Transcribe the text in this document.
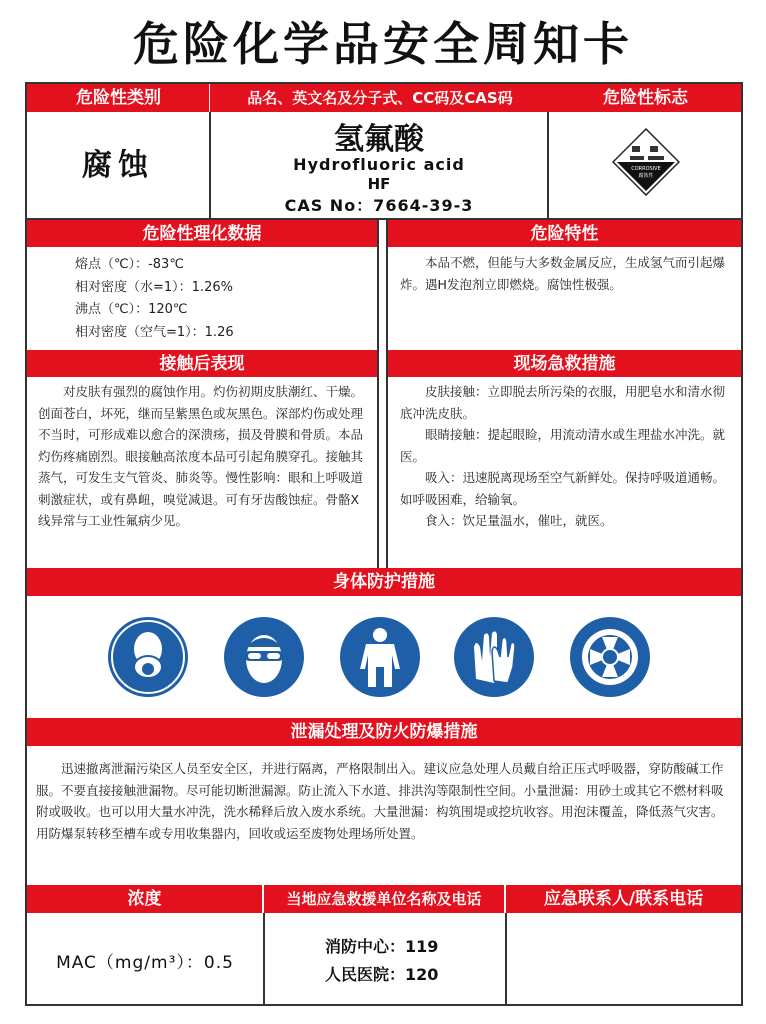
危险化学品安全周知卡
危险性类别	品名、英文名及分子式、CC码及CAS码	危险性标志
腐蚀
氢氟酸
Hydrofluoric acid
HF
CAS No：7664-39-3
CORROSIVE
腐蚀性
危险性理化数据	危险特性
熔点（℃）：-83℃
相对密度（水=1）：1.26%
沸点（℃）：120℃
相对密度（空气=1）：1.26
本品不燃，但能与大多数金属反应，生成氢气而引起爆炸。遇H发泡剂立即燃烧。腐蚀性极强。
接触后表现	现场急救措施
对皮肤有强烈的腐蚀作用。灼伤初期皮肤潮红、干燥。创面苍白，坏死，继而呈紫黑色或灰黑色。深部灼伤或处理不当时，可形成难以愈合的深溃疡，损及骨膜和骨质。本品灼伤疼痛剧烈。眼接触高浓度本品可引起角膜穿孔。接触其蒸气，可发生支气管炎、肺炎等。慢性影响：眼和上呼吸道刺激症状，或有鼻衄，嗅觉减退。可有牙齿酸蚀症。骨骼X线异常与工业性氟病少见。
皮肤接触：立即脱去所污染的衣服，用肥皂水和清水彻底冲洗皮肤。
眼睛接触：提起眼睑，用流动清水或生理盐水冲洗。就医。
吸入：迅速脱离现场至空气新鲜处。保持呼吸道通畅。如呼吸困难，给输氧。
食入：饮足量温水，催吐，就医。
身体防护措施
泄漏处理及防火防爆措施
迅速撤离泄漏污染区人员至安全区，并进行隔离，严格限制出入。建议应急处理人员戴自给正压式呼吸器，穿防酸碱工作服。不要直接接触泄漏物。尽可能切断泄漏源。防止流入下水道、排洪沟等限制性空间。小量泄漏：用砂土或其它不燃材料吸附或吸收。也可以用大量水冲洗，洗水稀释后放入废水系统。大量泄漏：构筑围堤或挖坑收容。用泡沫覆盖，降低蒸气灾害。用防爆泵转移至槽车或专用收集器内，回收或运至废物处理场所处置。
浓度	当地应急救援单位名称及电话	应急联系人/联系电话
MAC（mg/m³）：0.5
消防中心：119
人民医院：120
